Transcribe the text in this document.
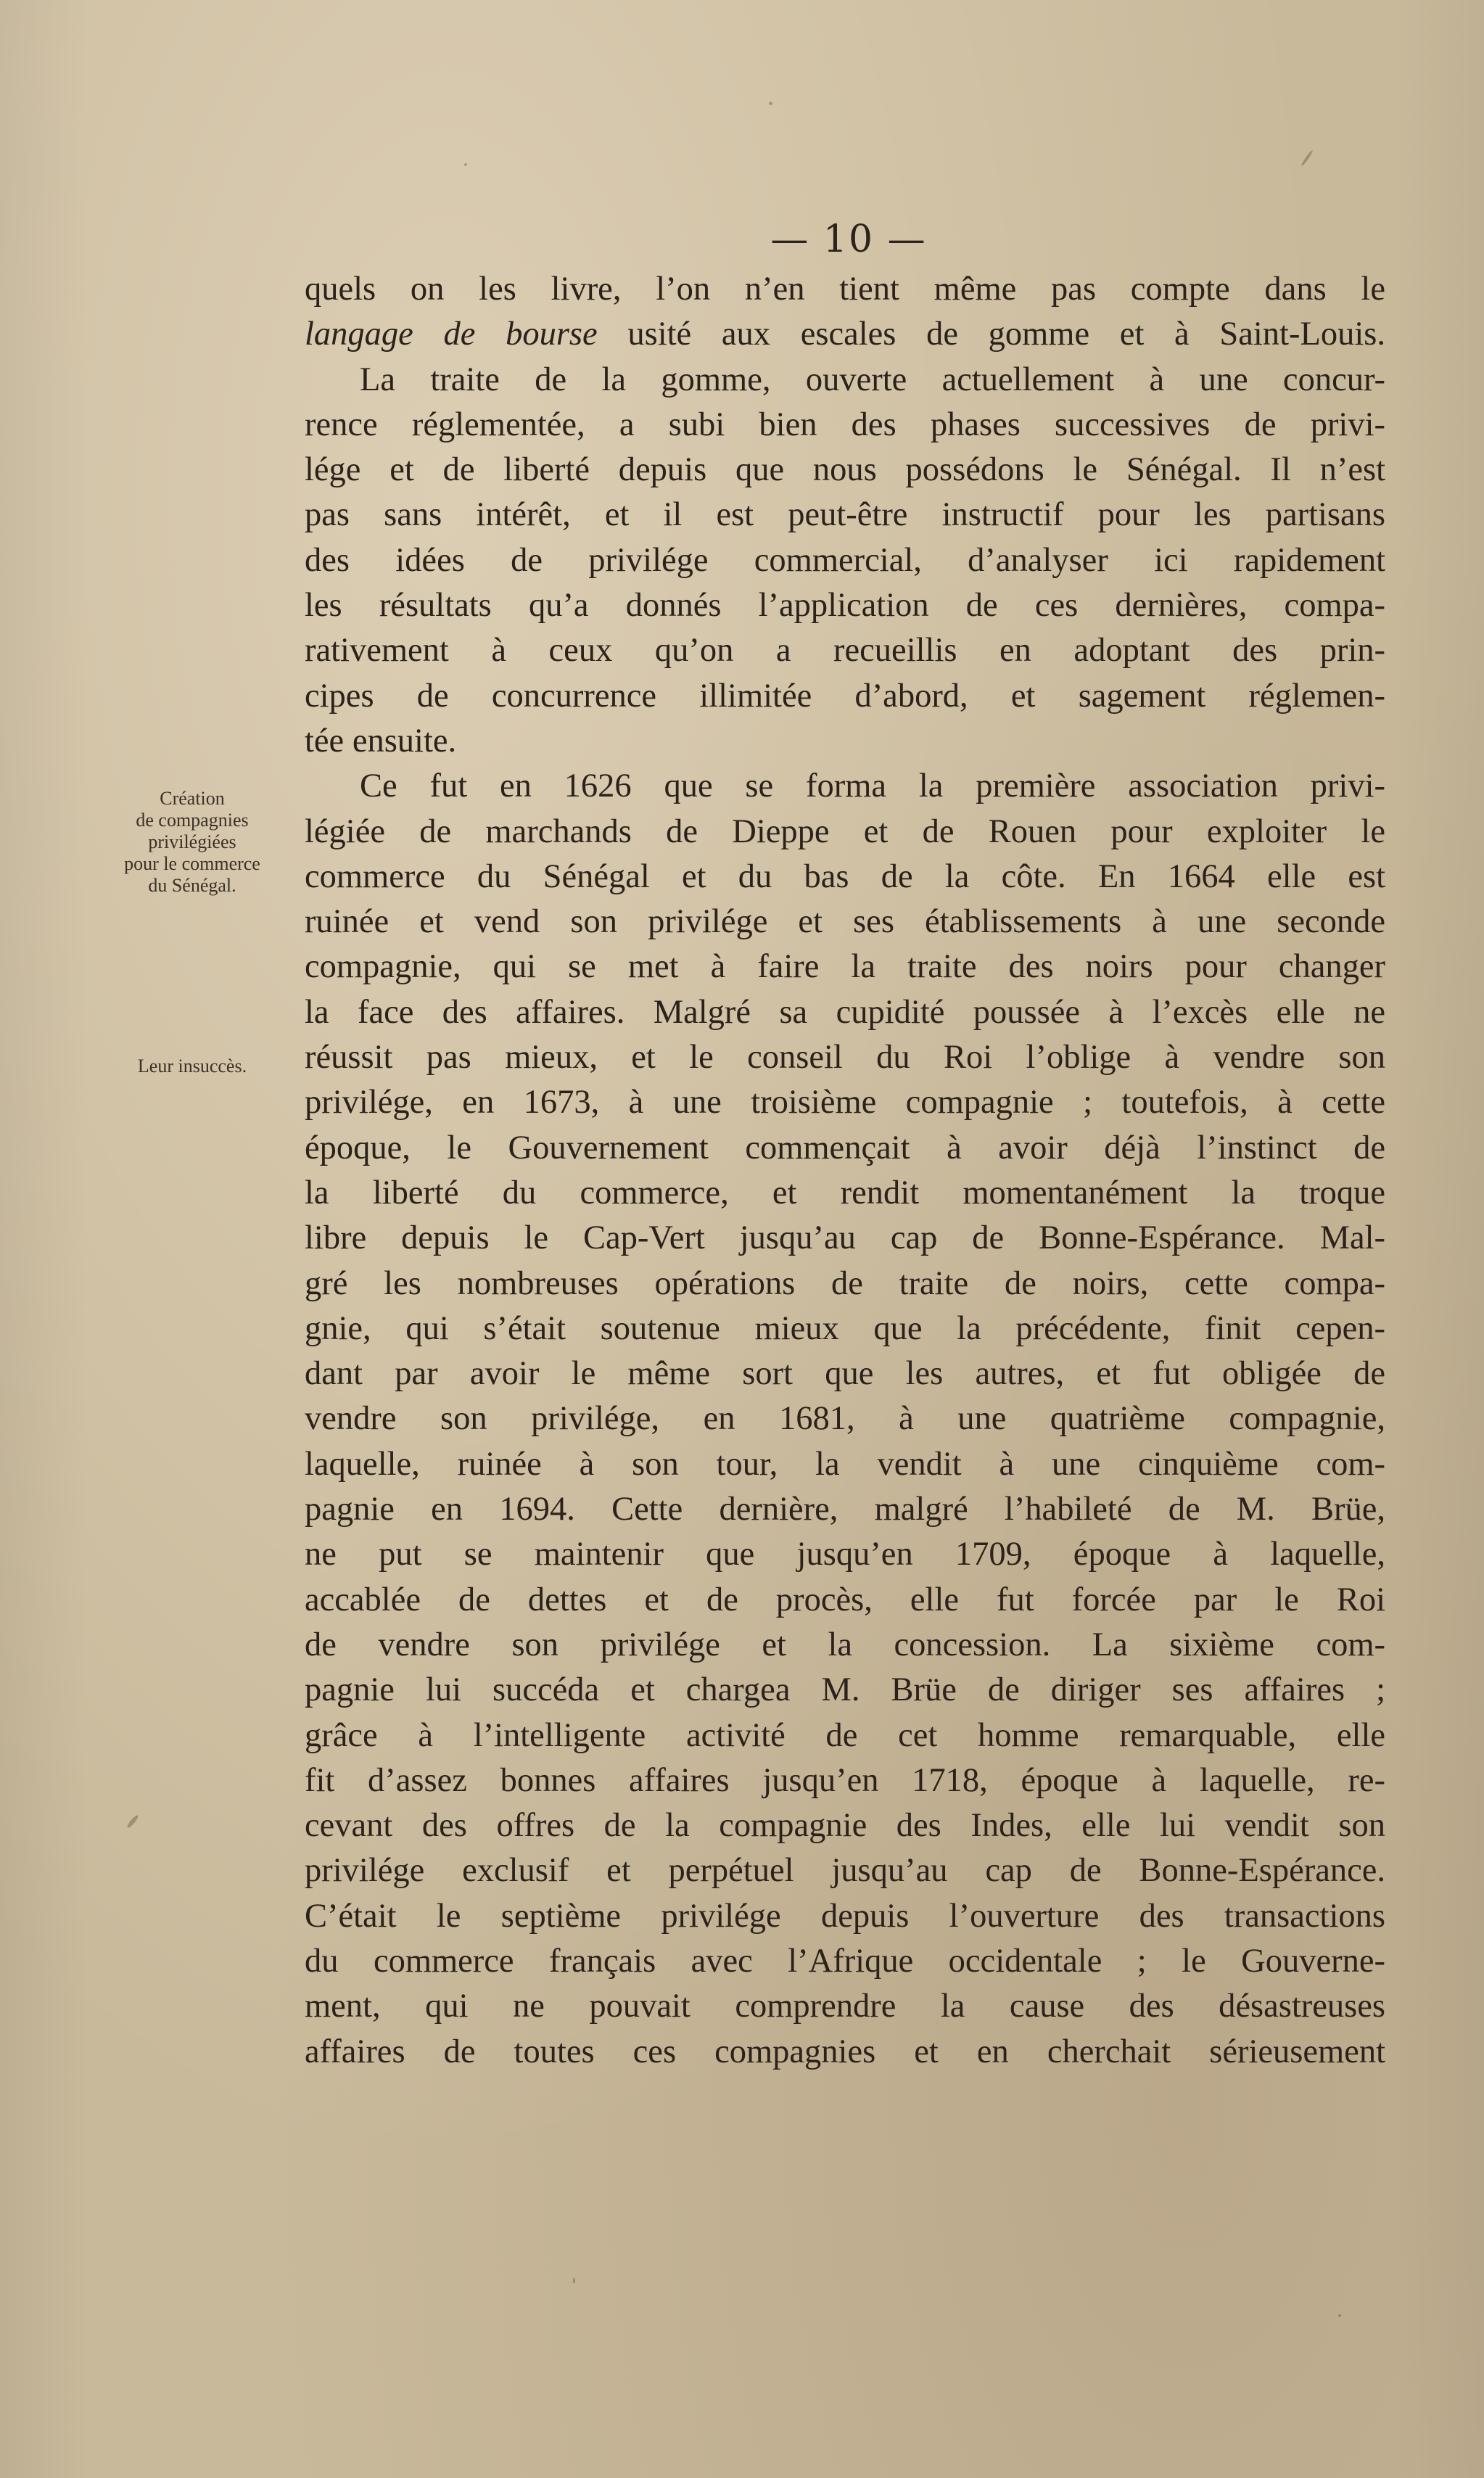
— 10 —
Création
de compagnies
privilégiées
pour le commerce
du Sénégal.
Leur insuccès.
quels on les livre, l’on n’en tient même pas compte dans le
langage de bourse usité aux escales de gomme et à Saint-Louis.
La traite de la gomme, ouverte actuellement à une concur-
rence réglementée, a subi bien des phases successives de privi-
lége et de liberté depuis que nous possédons le Sénégal. Il n’est
pas sans intérêt, et il est peut-être instructif pour les partisans
des idées de privilége commercial, d’analyser ici rapidement
les résultats qu’a donnés l’application de ces dernières, compa-
rativement à ceux qu’on a recueillis en adoptant des prin-
cipes de concurrence illimitée d’abord, et sagement réglemen-
tée ensuite.
Ce fut en 1626 que se forma la première association privi-
légiée de marchands de Dieppe et de Rouen pour exploiter le
commerce du Sénégal et du bas de la côte. En 1664 elle est
ruinée et vend son privilége et ses établissements à une seconde
compagnie, qui se met à faire la traite des noirs pour changer
la face des affaires. Malgré sa cupidité poussée à l’excès elle ne
réussit pas mieux, et le conseil du Roi l’oblige à vendre son
privilége, en 1673, à une troisième compagnie ; toutefois, à cette
époque, le Gouvernement commençait à avoir déjà l’instinct de
la liberté du commerce, et rendit momentanément la troque
libre depuis le Cap-Vert jusqu’au cap de Bonne-Espérance. Mal-
gré les nombreuses opérations de traite de noirs, cette compa-
gnie, qui s’était soutenue mieux que la précédente, finit cepen-
dant par avoir le même sort que les autres, et fut obligée de
vendre son privilége, en 1681, à une quatrième compagnie,
laquelle, ruinée à son tour, la vendit à une cinquième com-
pagnie en 1694. Cette dernière, malgré l’habileté de M. Brüe,
ne put se maintenir que jusqu’en 1709, époque à laquelle,
accablée de dettes et de procès, elle fut forcée par le Roi
de vendre son privilége et la concession. La sixième com-
pagnie lui succéda et chargea M. Brüe de diriger ses affaires ;
grâce à l’intelligente activité de cet homme remarquable, elle
fit d’assez bonnes affaires jusqu’en 1718, époque à laquelle, re-
cevant des offres de la compagnie des Indes, elle lui vendit son
privilége exclusif et perpétuel jusqu’au cap de Bonne-Espérance.
C’était le septième privilége depuis l’ouverture des transactions
du commerce français avec l’Afrique occidentale ; le Gouverne-
ment, qui ne pouvait comprendre la cause des désastreuses
affaires de toutes ces compagnies et en cherchait sérieusement
